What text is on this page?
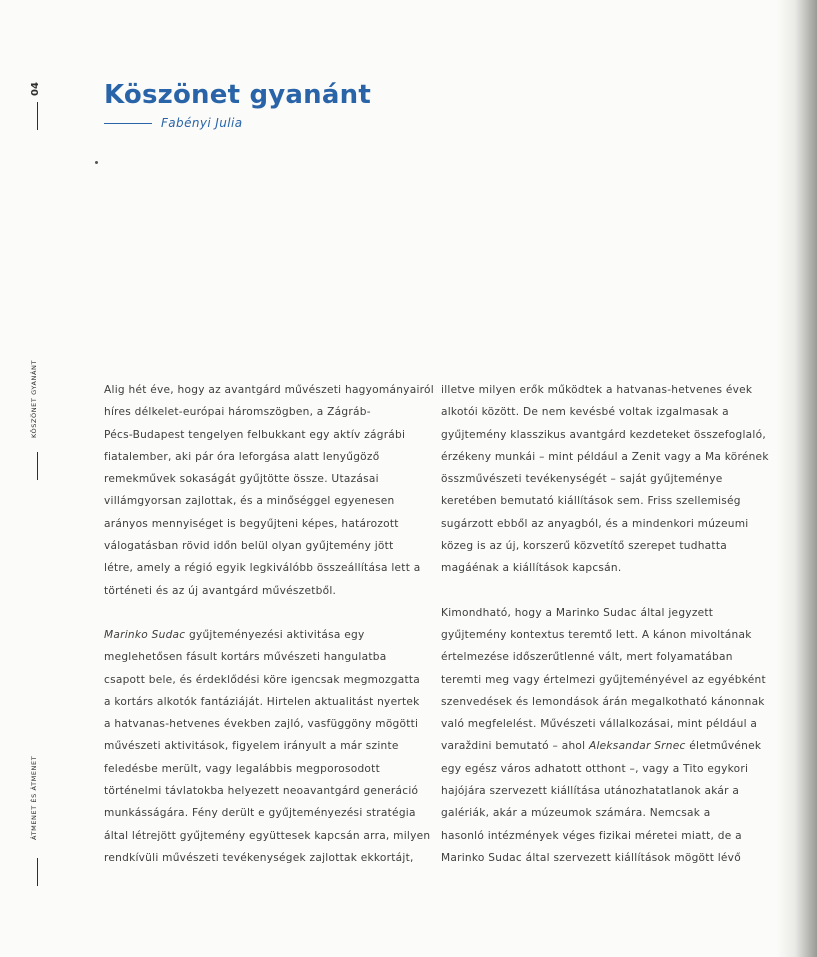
04
KÖSZÖNET GYANÁNT
ÁTMENET ÉS ÁTMENET
Köszönet gyanánt
Fabényi Julia

Alig hét éve, hogy az avantgárd művészeti hagyományairól
híres délkelet-európai háromszögben, a Zágráb-
Pécs-Budapest tengelyen felbukkant egy aktív zágrábi
fiatalember, aki pár óra leforgása alatt lenyűgöző
remekművek sokaságát gyűjtötte össze. Utazásai
villámgyorsan zajlottak, és a minőséggel egyenesen
arányos mennyiséget is begyűjteni képes, határozott
válogatásban rövid időn belül olyan gyűjtemény jött
létre, amely a régió egyik legkiválóbb összeállítása lett a
történeti és az új avantgárd művészetből.

Marinko Sudac gyűjteményezési aktivitása egy
meglehetősen fásult kortárs művészeti hangulatba
csapott bele, és érdeklődési köre igencsak megmozgatta
a kortárs alkotók fantáziáját. Hirtelen aktualitást nyertek
a hatvanas-hetvenes években zajló, vasfüggöny mögötti
művészeti aktivitások, figyelem irányult a már szinte
feledésbe merült, vagy legalábbis megporosodott
történelmi távlatokba helyezett neoavantgárd generáció
munkásságára. Fény derült e gyűjteményezési stratégia
által létrejött gyűjtemény együttesek kapcsán arra, milyen
rendkívüli művészeti tevékenységek zajlottak ekkortájt,

illetve milyen erők működtek a hatvanas-hetvenes évek
alkotói között. De nem kevésbé voltak izgalmasak a
gyűjtemény klasszikus avantgárd kezdeteket összefoglaló,
érzékeny munkái – mint például a Zenit vagy a Ma körének
összművészeti tevékenységét – saját gyűjteménye
keretében bemutató kiállítások sem. Friss szellemiség
sugárzott ebből az anyagból, és a mindenkori múzeumi
közeg is az új, korszerű közvetítő szerepet tudhatta
magáénak a kiállítások kapcsán.

Kimondható, hogy a Marinko Sudac által jegyzett
gyűjtemény kontextus teremtő lett. A kánon mivoltának
értelmezése időszerűtlenné vált, mert folyamatában
teremti meg vagy értelmezi gyűjteményével az egyébként
szenvedések és lemondások árán megalkotható kánonnak
való megfelelést. Művészeti vállalkozásai, mint például a
varaždini bemutató – ahol Aleksandar Srnec életművének
egy egész város adhatott otthont –, vagy a Tito egykori
hajójára szervezett kiállítása utánozhatatlanok akár a
galériák, akár a múzeumok számára. Nemcsak a
hasonló intézmények véges fizikai méretei miatt, de a
Marinko Sudac által szervezett kiállítások mögött lévő
